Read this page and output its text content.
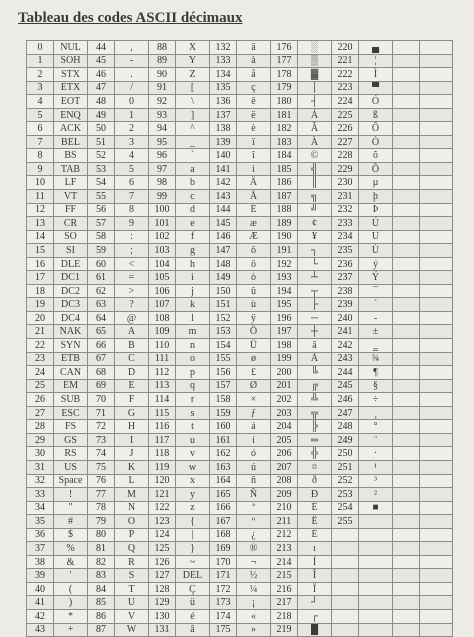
Tableau des codes ASCII décimaux
0	NUL	44	,	88	X	132	ä	176	░	220	▄		
1	SOH	45	-	89	Y	133	à	177	▒	221	¦		
2	STX	46	.	90	Z	134	å	178	▓	222	Ì		
3	ETX	47	/	91	[	135	ç	179	│	223	▀		
4	EOT	48	0	92	\	136	ê	180	┤	224	Ó		
5	ENQ	49	1	93	]	137	ë	181	Á	225	ß		
6	ACK	50	2	94	^	138	è	182	Â	226	Ô		
7	BEL	51	3	95	_	139	ï	183	À	227	Ò		
8	BS	52	4	96	`	140	î	184	©	228	õ		
9	TAB	53	5	97	a	141	ì	185	╣	229	Õ		
10	LF	54	6	98	b	142	Ä	186	║	230	µ		
11	VT	55	7	99	c	143	Å	187	╗	231	þ		
12	FF	56	8	100	d	144	É	188	╝	232	Þ		
13	CR	57	9	101	e	145	æ	189	¢	233	Ú		
14	SO	58	:	102	f	146	Æ	190	¥	234	Û		
15	SI	59	;	103	g	147	ô	191	┐	235	Ù		
16	DLE	60	<	104	h	148	ö	192	└	236	ý		
17	DC1	61	=	105	i	149	ò	193	┴	237	Ý		
18	DC2	62	>	106	j	150	û	194	┬	238	¯		
19	DC3	63	?	107	k	151	ù	195	├	239	´		
20	DC4	64	@	108	l	152	ÿ	196	─	240	-		
21	NAK	65	A	109	m	153	Ö	197	┼	241	±		
22	SYN	66	B	110	n	154	Ü	198	ã	242	‗		
23	ETB	67	C	111	o	155	ø	199	Ã	243	¾		
24	CAN	68	D	112	p	156	£	200	╚	244	¶		
25	EM	69	E	113	q	157	Ø	201	╔	245	§		
26	SUB	70	F	114	r	158	×	202	╩	246	÷		
27	ESC	71	G	115	s	159	ƒ	203	╦	247	¸		
28	FS	72	H	116	t	160	á	204	╠	248	°		
29	GS	73	I	117	u	161	í	205	═	249	¨		
30	RS	74	J	118	v	162	ó	206	╬	250	·		
31	US	75	K	119	w	163	ú	207	¤	251	¹		
32	Space	76	L	120	x	164	ñ	208	ð	252	³		
33	!	77	M	121	y	165	Ñ	209	Ð	253	²		
34	"	78	N	122	z	166	ª	210	Ê	254	■		
35	#	79	O	123	{	167	º	211	Ë	255			
36	$	80	P	124	|	168	¿	212	È				
37	%	81	Q	125	}	169	®	213	ı				
38	&	82	R	126	~	170	¬	214	Í				
39	'	83	S	127	DEL	171	½	215	Î				
40	(	84	T	128	Ç	172	¼	216	Ï				
41	)	85	U	129	ü	173	¡	217	┘				
42	*	86	V	130	é	174	«	218	┌				
43	+	87	W	131	â	175	»	219	█				
